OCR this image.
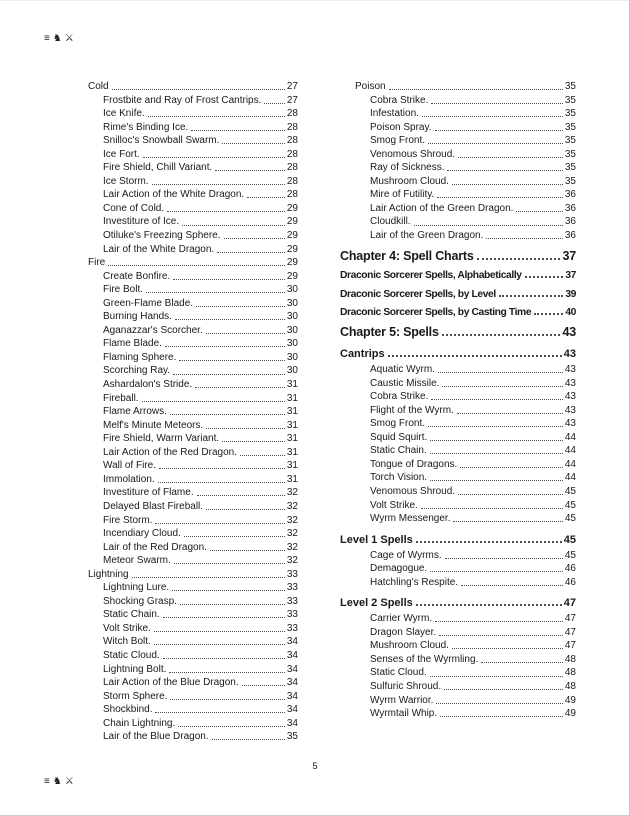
≡ ♞ ⚔
Cold	27
Frostbite and Ray of Frost Cantrips.	27
Ice Knife.	28
Rime's Binding Ice.	28
Snilloc's Snowball Swarm.	28
Ice Fort.	28
Fire Shield, Chill Variant.	28
Ice Storm.	28
Lair Action of the White Dragon.	28
Cone of Cold.	29
Investiture of Ice.	29
Otiluke's Freezing Sphere.	29
Lair of the White Dragon.	29
Fire	29
Create Bonfire.	29
Fire Bolt.	30
Green-Flame Blade.	30
Burning Hands.	30
Aganazzar's Scorcher.	30
Flame Blade.	30
Flaming Sphere.	30
Scorching Ray.	30
Ashardalon's Stride.	31
Fireball.	31
Flame Arrows.	31
Melf's Minute Meteors.	31
Fire Shield, Warm Variant.	31
Lair Action of the Red Dragon.	31
Wall of Fire.	31
Immolation.	31
Investiture of Flame.	32
Delayed Blast Fireball.	32
Fire Storm.	32
Incendiary Cloud.	32
Lair of the Red Dragon.	32
Meteor Swarm.	32
Lightning	33
Lightning Lure.	33
Shocking Grasp.	33
Static Chain.	33
Volt Strike.	33
Witch Bolt.	34
Static Cloud.	34
Lightning Bolt.	34
Lair Action of the Blue Dragon.	34
Storm Sphere.	34
Shockbind.	34
Chain Lightning.	34
Lair of the Blue Dragon.	35
Poison	35
Cobra Strike.	35
Infestation.	35
Poison Spray.	35
Smog Front.	35
Venomous Shroud.	35
Ray of Sickness.	35
Mushroom Cloud.	35
Mire of Futility.	36
Lair Action of the Green Dragon.	36
Cloudkill.	36
Lair of the Green Dragon.	36
Chapter 4: Spell Charts	37
Draconic Sorcerer Spells, Alphabetically	37
Draconic Sorcerer Spells, by Level	39
Draconic Sorcerer Spells, by Casting Time	40
Chapter 5: Spells	43
Cantrips	43
Aquatic Wyrm.	43
Caustic Missile.	43
Cobra Strike.	43
Flight of the Wyrm.	43
Smog Front.	43
Squid Squirt.	44
Static Chain.	44
Tongue of Dragons.	44
Torch Vision.	44
Venomous Shroud.	45
Volt Strike.	45
Wyrm Messenger.	45
Level 1 Spells	45
Cage of Wyrms.	45
Demagogue.	46
Hatchling's Respite.	46
Level 2 Spells	47
Carrier Wyrm.	47
Dragon Slayer.	47
Mushroom Cloud.	47
Senses of the Wyrmling.	48
Static Cloud.	48
Sulfuric Shroud.	48
Wyrm Warrior.	49
Wyrmtail Whip.	49
5
≡ ♞ ⚔
